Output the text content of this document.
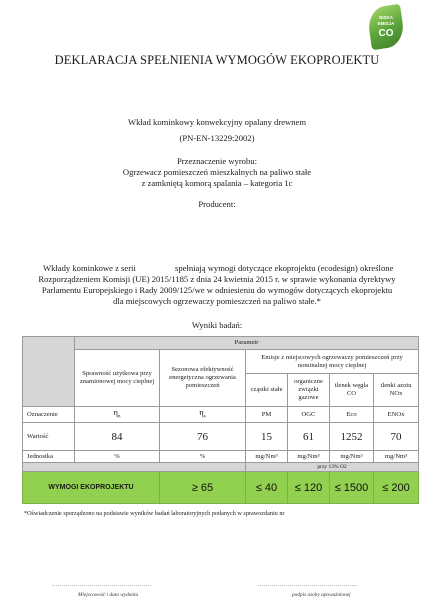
NISKA
EMISJA
CO
DEKLARACJA SPEŁNIENIA WYMOGÓW EKOPROJEKTU
Wkład kominkowy konwekcyjny opalany drewnem
(PN-EN-13229:2002)
Przeznaczenie wyrobu:
Ogrzewacz pomieszczeń mieszkalnych na paliwo stałe
z zamkniętą komorą spalania – kategoria 1c
Producent:
Wkłady kominkowe z serii	spełniają wymogi dotyczące ekoprojektu (ecodesign) określone
Rozporządzeniem Komisji (UE) 2015/1185 z dnia 24 kwietnia 2015 r. w sprawie wykonania dyrektywy
Parlamentu Europejskiego i Rady 2009/125/we w odniesieniu do wymogów dotyczących ekoprojektu
dla miejscowych ogrzewaczy pomieszczeń na paliwo stałe.*
Wyniki badań:
	Parametr					
	Sprawność użytkowa przy znamionowej mocy cieplnej	Sezonowa efektywność energetyczna ogrzewania pomieszczeń	Emisje z miejscowych ogrzewaczy pomieszczeń przy nominalnej mocy cieplnej			
			cząstki stałe	organiczne związki gazowe	tlenek węgla CO	tlenki azotu NOx
Oznaczenie	$\eta_n$	$\eta_s$	PM	OGC	Eco	ENOx
Wartość	84	76	15	61	1252	70
Jednostka	%	%	mg/Nm³	mg/Nm³	mg/Nm³	mg/Nm³
			przy 13% O2			
WYMOGI EKOPROJEKTU		≥ 65	≤ 40	≤ 120	≤ 1500	≤ 200
*Oświadczenie sporządzono na podstawie wyników badań laboratoryjnych podanych w sprawozdaniu nr
..................................................
Miejscowość i data wydania
..................................................
podpis osoby upoważnionej
